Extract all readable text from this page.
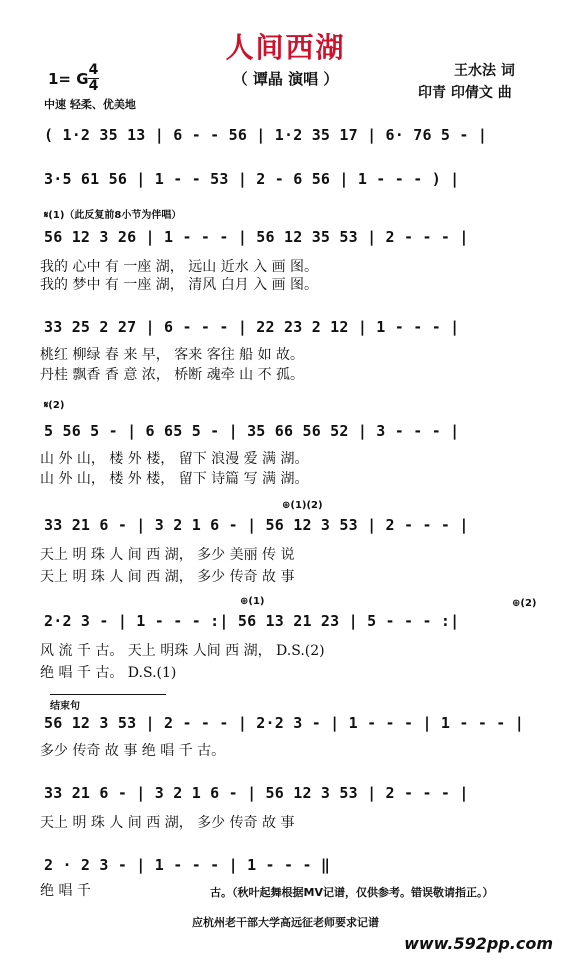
人间西湖
（ 谭晶 演唱 ）
1= G 4
4
中速 轻柔、优美地
王水法 词
印青 印倩文 曲
( 1·2 35 13 | 6 - - 56 | 1·2 35 17 | 6· 76 5 - |
3·5 61 56 | 1 - - 53 | 2 - 6 56 | 1 - - - ) |
𝄋(1)（此反复前8小节为伴唱）
56 12 3 26 | 1 - - - | 56 12 35 53 | 2 - - - |
我的 心中 有 一座 湖， 远山 近水 入 画 图。
我的 梦中 有 一座 湖， 清风 白月 入 画 图。
33 25 2 27 | 6 - - - | 22 23 2 12 | 1 - - - |
桃红 柳绿 春 来 早， 客来 客往 船 如 故。
丹桂 飘香 香 意 浓， 桥断 魂牵 山 不 孤。
𝄋(2)
5 56 5 - | 6 65 5 - | 35 66 56 52 | 3 - - - |
山 外 山， 楼 外 楼， 留下 浪漫 爱 满 湖。
山 外 山， 楼 外 楼， 留下 诗篇 写 满 湖。
⊕(1)(2)
33 21 6 - | 3 2 1 6 - | 56 12 3 53 | 2 - - - |
天上 明 珠 人 间 西 湖， 多少 美丽 传 说
天上 明 珠 人 间 西 湖， 多少 传奇 故 事
⊕(1)	⊕(2)
2·2 3 - | 1 - - - :| 56 13 21 23 | 5 - - - :|
风 流 千 古。 天上 明珠 人间 西 湖， D.S.(2)
绝 唱 千 古。 D.S.(1)
结束句
56 12 3 53 | 2 - - - | 2·2 3 - | 1 - - - | 1 - - - |
多少 传奇 故 事 绝 唱 千 古。
33 21 6 - | 3 2 1 6 - | 56 12 3 53 | 2 - - - |
天上 明 珠 人 间 西 湖， 多少 传奇 故 事
2 · 2 3 - | 1 - - - | 1 - - - ‖
绝 唱 千	古。（秋叶起舞根据MV记谱，仅供参考。错误敬请指正。）
应杭州老干部大学高远征老师要求记谱
www.592pp.com
